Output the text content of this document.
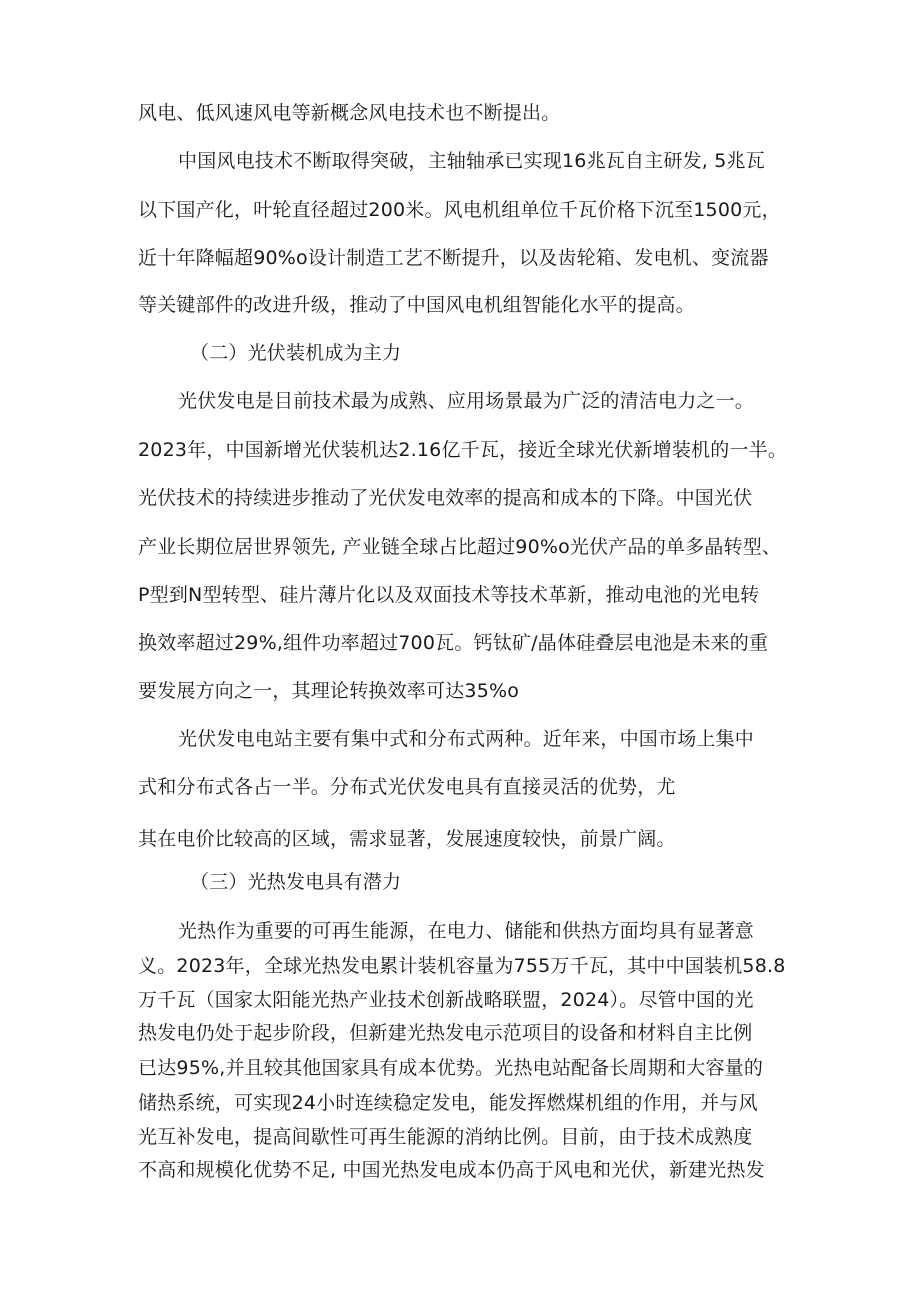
风电、低风速风电等新概念风电技术也不断提出。
中国风电技术不断取得突破，主轴轴承已实现16兆瓦自主研发, 5兆瓦
以下国产化，叶轮直径超过200米。风电机组单位千瓦价格下沉至1500元，
近十年降幅超90%o设计制造工艺不断提升，以及齿轮箱、发电机、变流器
等关键部件的改进升级，推动了中国风电机组智能化水平的提高。
（二）光伏装机成为主力
光伏发电是目前技术最为成熟、应用场景最为广泛的清洁电力之一。
2023年，中国新增光伏装机达2.16亿千瓦，接近全球光伏新增装机的一半。
光伏技术的持续进步推动了光伏发电效率的提高和成本的下降。中国光伏
产业长期位居世界领先, 产业链全球占比超过90%o光伏产品的单多晶转型、
P型到N型转型、硅片薄片化以及双面技术等技术革新，推动电池的光电转
换效率超过29%,组件功率超过700瓦。钙钛矿/晶体硅叠层电池是未来的重
要发展方向之一，其理论转换效率可达35%o
光伏发电电站主要有集中式和分布式两种。近年来，中国市场上集中
式和分布式各占一半。分布式光伏发电具有直接灵活的优势，尤
其在电价比较高的区域，需求显著，发展速度较快，前景广阔。
（三）光热发电具有潜力
光热作为重要的可再生能源，在电力、储能和供热方面均具有显著意
义。2023年，全球光热发电累计装机容量为755万千瓦，其中中国装机58.8
万千瓦（国家太阳能光热产业技术创新战略联盟，2024）。尽管中国的光
热发电仍处于起步阶段，但新建光热发电示范项目的设备和材料自主比例
已达95%,并且较其他国家具有成本优势。光热电站配备长周期和大容量的
储热系统，可实现24小时连续稳定发电，能发挥燃煤机组的作用，并与风
光互补发电，提高间歇性可再生能源的消纳比例。目前，由于技术成熟度
不高和规模化优势不足, 中国光热发电成本仍高于风电和光伏，新建光热发
